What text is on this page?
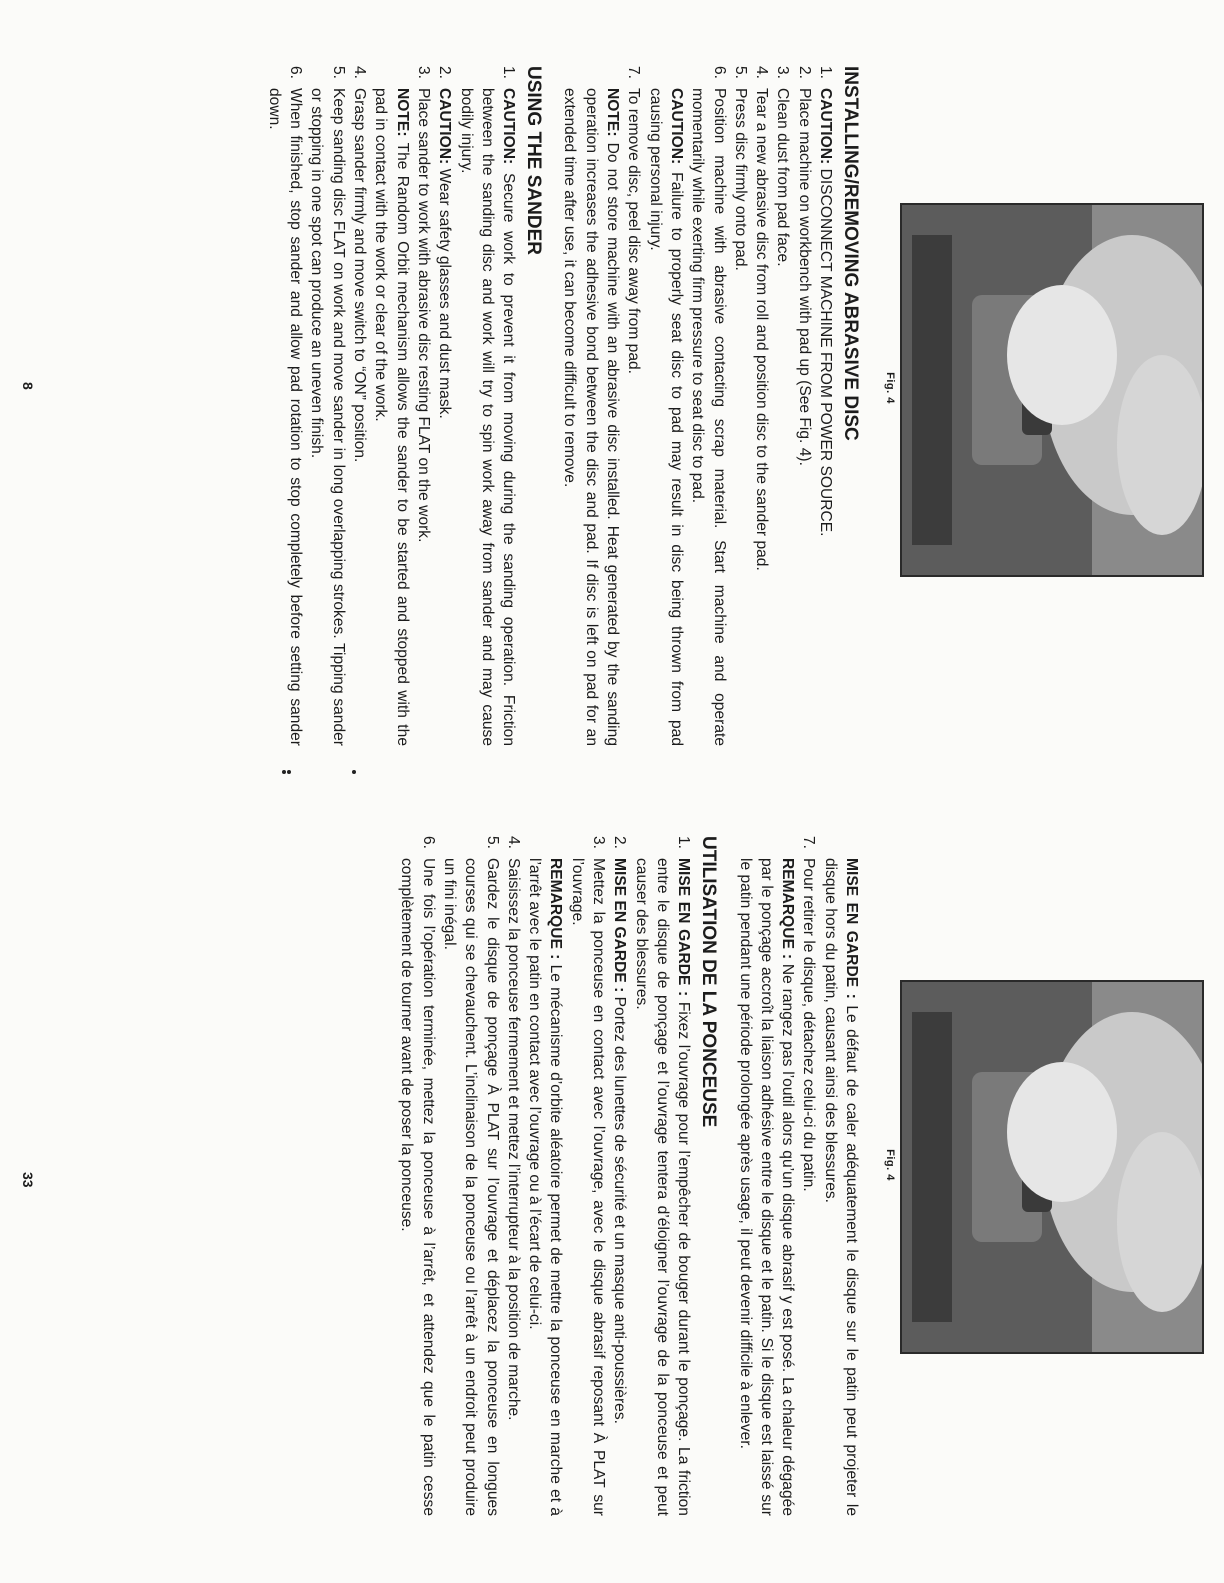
Fig. 4
INSTALLING/REMOVING ABRASIVE DISC
1.
CAUTION: DISCONNECT MACHINE FROM POWER SOURCE.
2.
Place machine on workbench with pad up (See Fig. 4).
3.
Clean dust from pad face.
4.
Tear a new abrasive disc from roll and position disc to the sander pad.
5.
Press disc firmly onto pad.
6.
Position machine with abrasive contacting scrap material. Start machine and operate momentarily while exerting firm pressure to seat disc to pad.

CAUTION: Failure to properly seat disc to pad may result in disc being thrown from pad causing personal injury.

7.
To remove disc, peel disc away from pad.

NOTE: Do not store machine with an abrasive disc installed. Heat generated by the sanding operation increases the adhesive bond between the disc and pad. If disc is left on pad for an extended time after use, it can become difficult to remove.

USING THE SANDER
1.
CAUTION: Secure work to prevent it from moving during the sanding operation. Friction between the sanding disc and work will try to spin work away from sander and may cause bodily injury.
2.
CAUTION: Wear safety glasses and dust mask.
3.
Place sander to work with abrasive disc resting FLAT on the work.

NOTE: The Random Orbit mechanism allows the sander to be started and stopped with the pad in contact with the work or clear of the work.

4.
Grasp sander firmly and move switch to “ON” position.
5.
Keep sanding disc FLAT on work and move sander in long overlapping strokes. Tipping sander or stopping in one spot can produce an uneven finish.
6.
When finished, stop sander and allow pad rotation to stop completely before setting sander down.
8
Fig. 4

MISE EN GARDE : Le défaut de caler adéquatement le disque sur le patin peut projeter le disque hors du patin, causant ainsi des blessures.

7.
Pour retirer le disque, détachez celui-ci du patin.

REMARQUE : Ne rangez pas l’outil alors qu’un disque abrasif y est posé. La chaleur dégagée par le ponçage accroît la liaison adhésive entre le disque et le patin. Si le disque est laissé sur le patin pendant une période prolongée après usage, il peut devenir difficile à enlever.

UTILISATION DE LA PONCEUSE
1.
MISE EN GARDE : Fixez l’ouvrage pour l’empêcher de bouger durant le ponçage. La friction entre le disque de ponçage et l’ouvrage tentera d’éloigner l’ouvrage de la ponceuse et peut causer des blessures.
2.
MISE EN GARDE : Portez des lunettes de sécurité et un masque anti-poussières.
3.
Mettez la ponceuse en contact avec l’ouvrage, avec le disque abrasif reposant À PLAT sur l’ouvrage.

REMARQUE : Le mécanisme d’orbite aléatoire permet de mettre la ponceuse en marche et à l’arrêt avec le patin en contact avec l’ouvrage ou à l’écart de celui-ci.

4.
Saisissez la ponceuse fermement et mettez l’interrupteur à la position de marche.
5.
Gardez le disque de ponçage À PLAT sur l’ouvrage et déplacez la ponceuse en longues courses qui se chevauchent. L’inclinaison de la ponceuse ou l’arrêt à un endroit peut produire un fini inégal.
6.
Une fois l’opération terminée, mettez la ponceuse à l’arrêt, et attendez que le patin cesse complètement de tourner avant de poser la ponceuse.
33
